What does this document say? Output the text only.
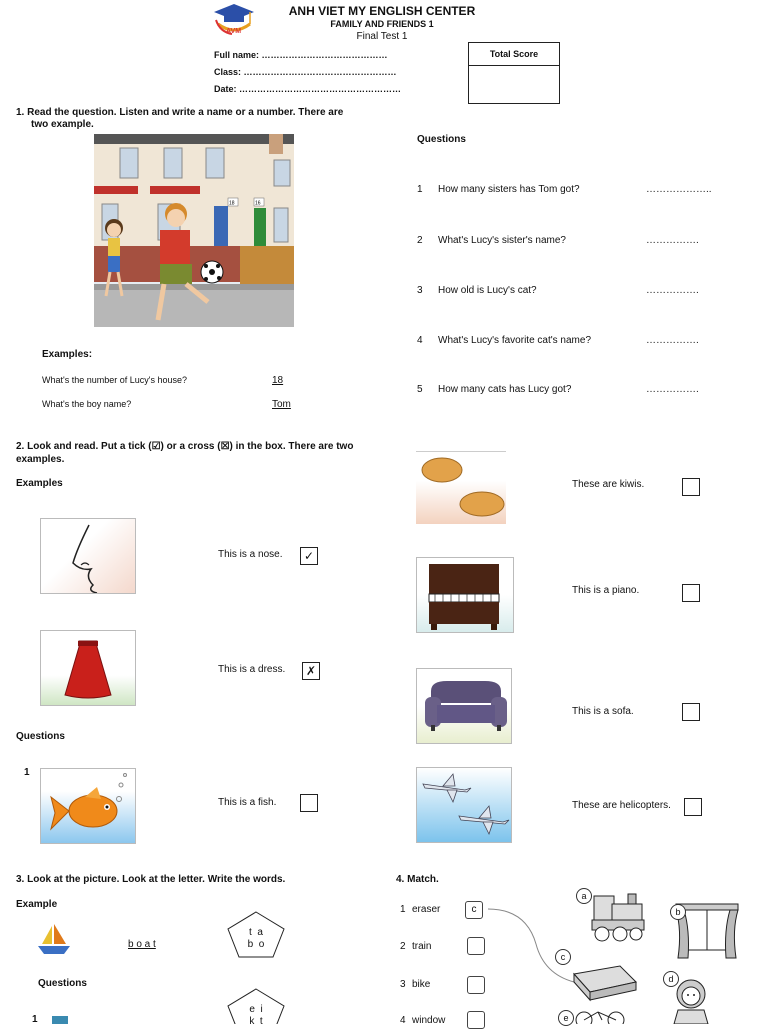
AVM
ANH VIET MY ENGLISH CENTER
FAMILY AND FRIENDS 1
Final Test 1
Full name: ……………………………………
Class: ……………………………………………
Date: ………………………………………………
Total Score
1. Read the question. Listen and write a name or a number. There are
two example.
18	16
Examples:
What's the number of Lucy's house?	18
What's the boy name?	Tom
Questions
1 How many sisters has Tom got?	………………..
2 What's Lucy's sister's name?	…………….
3 How old is Lucy's cat?	…………….
4 What's Lucy's favorite cat's name?	…………….
5 How many cats has Lucy got?	…………….
2. Look and read. Put a tick (☑) or a cross (☒) in the box. There are two
examples.
Examples
This is a nose.	✓
This is a dress.	✗
Questions
1
This is a fish.
These are kiwis.
This is a piano.
This is a sofa.
These are helicopters.
3. Look at the picture. Look at the letter. Write the words.
Example
b o a t
t  a
b  o
Questions
1
e  i
k  t
4. Match.
1 eraser	c
2 train
3 bike
4 window
a
b
c
d
e
